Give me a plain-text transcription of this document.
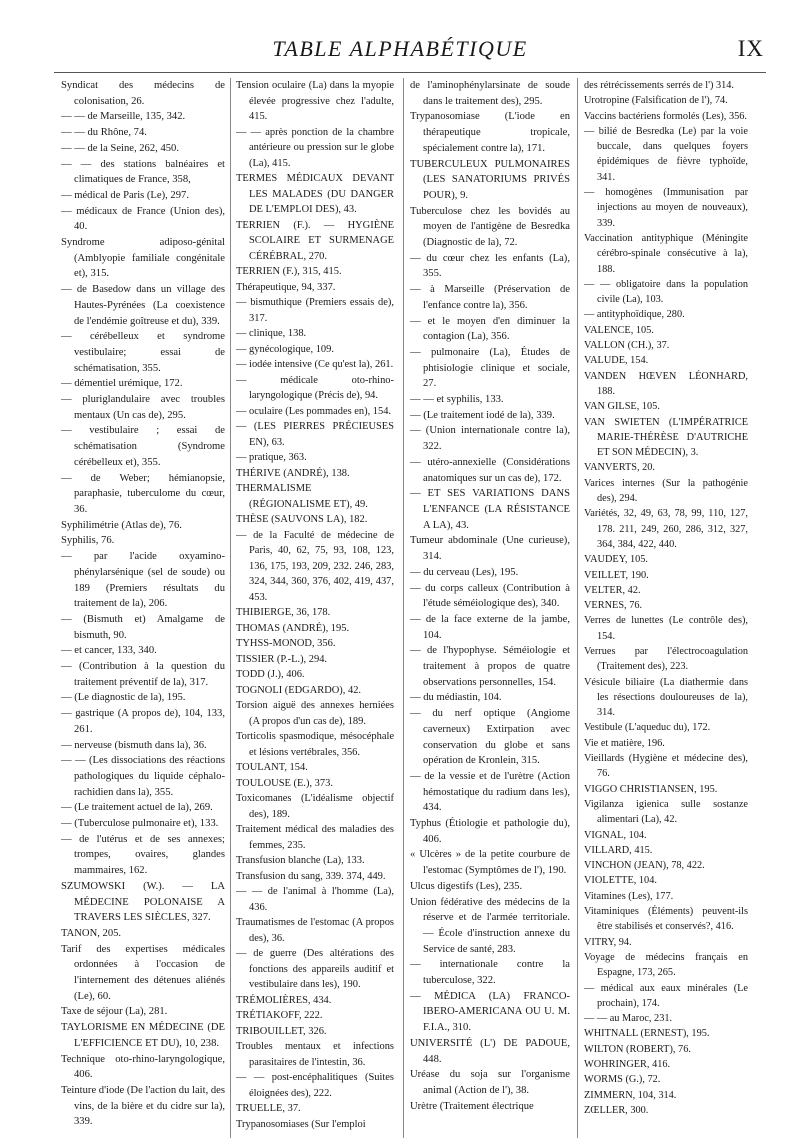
TABLE ALPHABÉTIQUE	IX
Syndicat des médecins de colonisation, 26.
— — de Marseille, 135, 342.
— — du Rhône, 74.
— — de la Seine, 262, 450.
— — des stations balnéaires et climatiques de France, 358,
— médical de Paris (Le), 297.
— médicaux de France (Union des), 40.
Syndrome adiposo-génital (Amblyopie familiale congénitale et), 315.
— de Basedow dans un village des Hautes-Pyrénées (La coexistence de l'endémie goîtreuse et du), 339.
— cérébelleux et syndrome vestibulaire; essai de schématisation, 355.
— démentiel urémique, 172.
— pluriglandulaire avec troubles mentaux (Un cas de), 295.
— vestibulaire ; essai de schématisation (Syndrome cérébelleux et), 355.
— de Weber; hémianopsie, paraphasie, tuberculome du cœur, 36.
Syphilimétrie (Atlas de), 76.
Syphilis, 76.
— par l'acide oxyamino-phénylarsénique (sel de soude) ou 189 (Premiers résultats du traitement de la), 206.
— (Bismuth et) Amalgame de bismuth, 90.
— et cancer, 133, 340.
— (Contribution à la question du traitement préventif de la), 317.
— (Le diagnostic de la), 195.
— gastrique (A propos de), 104, 133, 261.
— nerveuse (bismuth dans la), 36.
— — (Les dissociations des réactions pathologiques du liquide céphalo-rachidien dans la), 355.
— (Le traitement actuel de la), 269.
— (Tuberculose pulmonaire et), 133.
— de l'utérus et de ses annexes; trompes, ovaires, glandes mammaires, 162.
SZUMOWSKI (W.). — LA MÉDECINE POLONAISE A TRAVERS LES SIÈCLES, 327.
TANON, 205.
Tarif des expertises médicales ordonnées à l'occasion de l'internement des détenues aliénés (Le), 60.
Taxe de séjour (La), 281.
TAYLORISME EN MÉDECINE (DE L'EFFICIENCE ET DU), 10, 238.
Technique oto-rhino-laryngologique, 406.
Teinture d'iode (De l'action du lait, des vins, de la bière et du cidre sur la), 339.
Tension oculaire (La) dans la myopie élevée progressive chez l'adulte, 415.
— — après ponction de la chambre antérieure ou pression sur le globe (La), 415.
TERMES MÉDICAUX DEVANT LES MALADES (DU DANGER DE L'EMPLOI DES), 43.
TERRIEN (F.). — HYGIÈNE SCOLAIRE ET SURMENAGE CÉRÉBRAL, 270.
TERRIEN (F.), 315, 415.
Thérapeutique, 94, 337.
— bismuthique (Premiers essais de), 317.
— clinique, 138.
— gynécologique, 109.
— iodée intensive (Ce qu'est la), 261.
— médicale oto-rhino-laryngologique (Précis de), 94.
— oculaire (Les pommades en), 154.
— (LES PIERRES PRÉCIEUSES EN), 63.
— pratique, 363.
THÉRIVE (ANDRÉ), 138.
THERMALISME (RÉGIONALISME ET), 49.
THÈSE (SAUVONS LA), 182.
— de la Faculté de médecine de Paris, 40, 62, 75, 93, 108, 123, 136, 175, 193, 209, 232. 246, 283, 324, 344, 360, 376, 402, 419, 437, 453.
THIBIERGE, 36, 178.
THOMAS (ANDRÉ), 195.
TYHSS-MONOD, 356.
TISSIER (P.-L.), 294.
TODD (J.), 406.
TOGNOLI (EDGARDO), 42.
Torsion aiguë des annexes herniées (A propos d'un cas de), 189.
Torticolis spasmodique, mésocéphale et lésions vertébrales, 356.
TOULANT, 154.
TOULOUSE (E.), 373.
Toxicomanes (L'idéalisme objectif des), 189.
Traitement médical des maladies des femmes, 235.
Transfusion blanche (La), 133.
Transfusion du sang, 339. 374, 449.
— — de l'animal à l'homme (La), 436.
Traumatismes de l'estomac (A propos des), 36.
— de guerre (Des altérations des fonctions des appareils auditif et vestibulaire dans les), 190.
TRÉMOLIÈRES, 434.
TRÉTIAKOFF, 222.
TRIBOUILLET, 326.
Troubles mentaux et infections parasitaires de l'intestin, 36.
— — post-encéphalitiques (Suites éloignées des), 222.
TRUELLE, 37.
Trypanosomiases (Sur l'emploi
de l'aminophénylarsinate de soude dans le traitement des), 295.
Trypanosomiase (L'iode en thérapeutique tropicale, spécialement contre la), 171.
TUBERCULEUX PULMONAIRES (LES SANATORIUMS PRIVÉS POUR), 9.
Tuberculose chez les bovidés au moyen de l'antigène de Besredka (Diagnostic de la), 72.
— du cœur chez les enfants (La), 355.
— à Marseille (Préservation de l'enfance contre la), 356.
— et le moyen d'en diminuer la contagion (La), 356.
— pulmonaire (La), Études de phtisiologie clinique et sociale, 27.
— — et syphilis, 133.
— (Le traitement iodé de la), 339.
— (Union internationale contre la), 322.
— utéro-annexielle (Considérations anatomiques sur un cas de), 172.
— ET SES VARIATIONS DANS L'ENFANCE (LA RÉSISTANCE A LA), 43.
Tumeur abdominale (Une curieuse), 314.
— du cerveau (Les), 195.
— du corps calleux (Contribution à l'étude séméiologique des), 340.
— de la face externe de la jambe, 104.
— de l'hypophyse. Séméiologie et traitement à propos de quatre observations personnelles, 154.
— du médiastin, 104.
— du nerf optique (Angiome caverneux) Extirpation avec conservation du globe et sans opération de Kronlein, 315.
— de la vessie et de l'urètre (Action hémostatique du radium dans les), 434.
Typhus (Étiologie et pathologie du), 406.
« Ulcères » de la petite courbure de l'estomac (Symptômes de l'), 190.
Ulcus digestifs (Les), 235.
Union fédérative des médecins de la réserve et de l'armée territoriale. — École d'instruction annexe du Service de santé, 283.
— internationale contre la tuberculose, 322.
— MÉDICA (LA) FRANCO-IBERO-AMERICANA OU U. M. F.I.A., 310.
UNIVERSITÉ (L') DE PADOUE, 448.
Uréase du soja sur l'organisme animal (Action de l'), 38.
Urètre (Traitement électrique
des rétrécissements serrés de l') 314.
Urotropine (Falsification de l'), 74.
Vaccins bactériens formolés (Les), 356.
— bilié de Besredka (Le) par la voie buccale, dans quelques foyers épidémiques de fièvre typhoïde, 341.
— homogènes (Immunisation par injections au moyen de nouveaux), 339.
Vaccination antityphique (Méningite cérébro-spinale consécutive à la), 188.
— — obligatoire dans la population civile (La), 103.
— antityphoïdique, 280.
VALENCE, 105.
VALLON (CH.), 37.
VALUDE, 154.
VANDEN HŒVEN LÉONHARD, 188.
VAN GILSE, 105.
VAN SWIETEN (L'IMPÉRATRICE MARIE-THÉRÈSE D'AUTRICHE ET SON MÉDECIN), 3.
VANVERTS, 20.
Varices internes (Sur la pathogénie des), 294.
Variétés, 32, 49, 63, 78, 99, 110, 127, 178. 211, 249, 260, 286, 312, 327, 364, 384, 422, 440.
VAUDEY, 105.
VEILLET, 190.
VELTER, 42.
VERNES, 76.
Verres de lunettes (Le contrôle des), 154.
Verrues par l'électrocoagulation (Traitement des), 223.
Vésicule biliaire (La diathermie dans les résections douloureuses de la), 314.
Vestibule (L'aqueduc du), 172.
Vie et matière, 196.
Vieillards (Hygiène et médecine des), 76.
VIGGO CHRISTIANSEN, 195.
Vigilanza igienica sulle sostanze alimentari (La), 42.
VIGNAL, 104.
VILLARD, 415.
VINCHON (JEAN), 78, 422.
VIOLETTE, 104.
Vitamines (Les), 177.
Vitaminiques (Éléments) peuvent-ils être stabilisés et conservés?, 416.
VITRY, 94.
Voyage de médecins français en Espagne, 173, 265.
— médical aux eaux minérales (Le prochain), 174.
— — au Maroc, 231.
WHITNALL (ERNEST), 195.
WILTON (ROBERT), 76.
WOHRINGER, 416.
WORMS (G.), 72.
ZIMMERN, 104, 314.
ZŒLLER, 300.
